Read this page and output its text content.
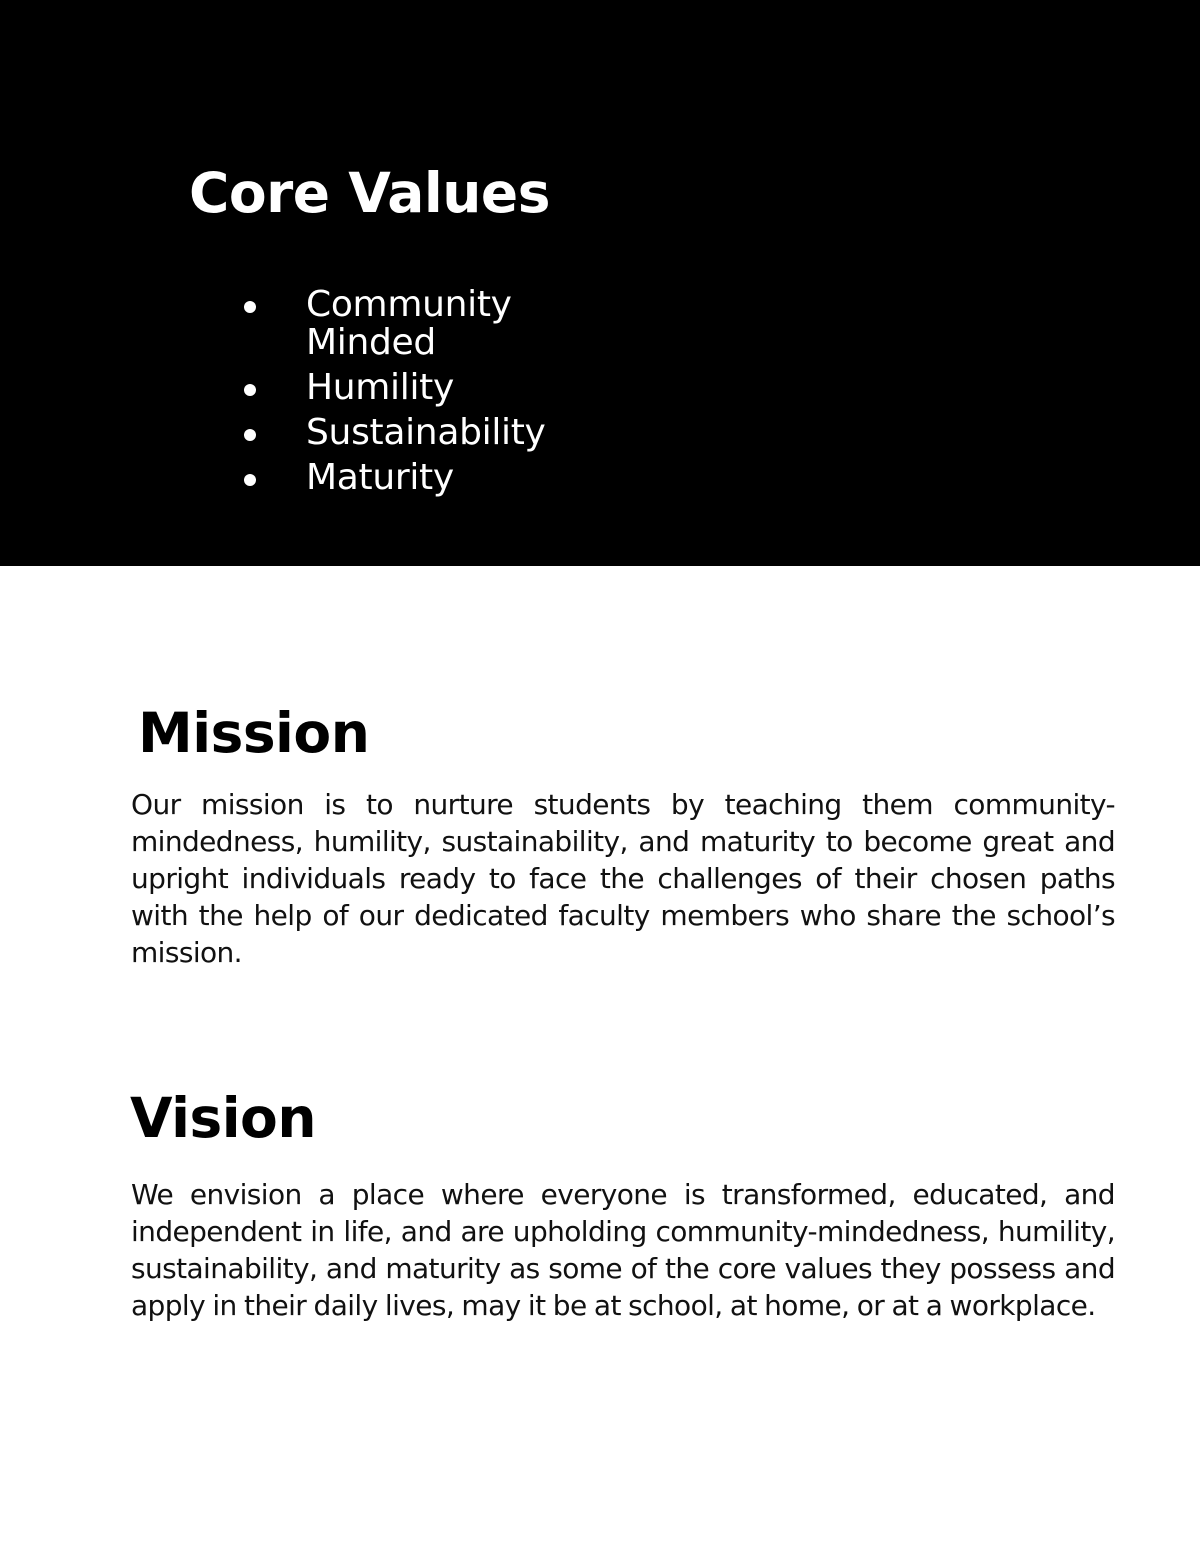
Core Values
Community Minded
Humility
Sustainability
Maturity
Mission

Our mission is to nurture students by teaching them community-mindedness, humility, sustainability, and maturity to become great and upright individuals ready to face the challenges of their chosen paths with the help of our dedicated faculty members who share the school’s mission.

Vision

We envision a place where everyone is transformed, educated, and independent in life, and are upholding community-mindedness, humility, sustainability, and maturity as some of the core values they possess and apply in their daily lives, may it be at school, at home, or at a workplace.
